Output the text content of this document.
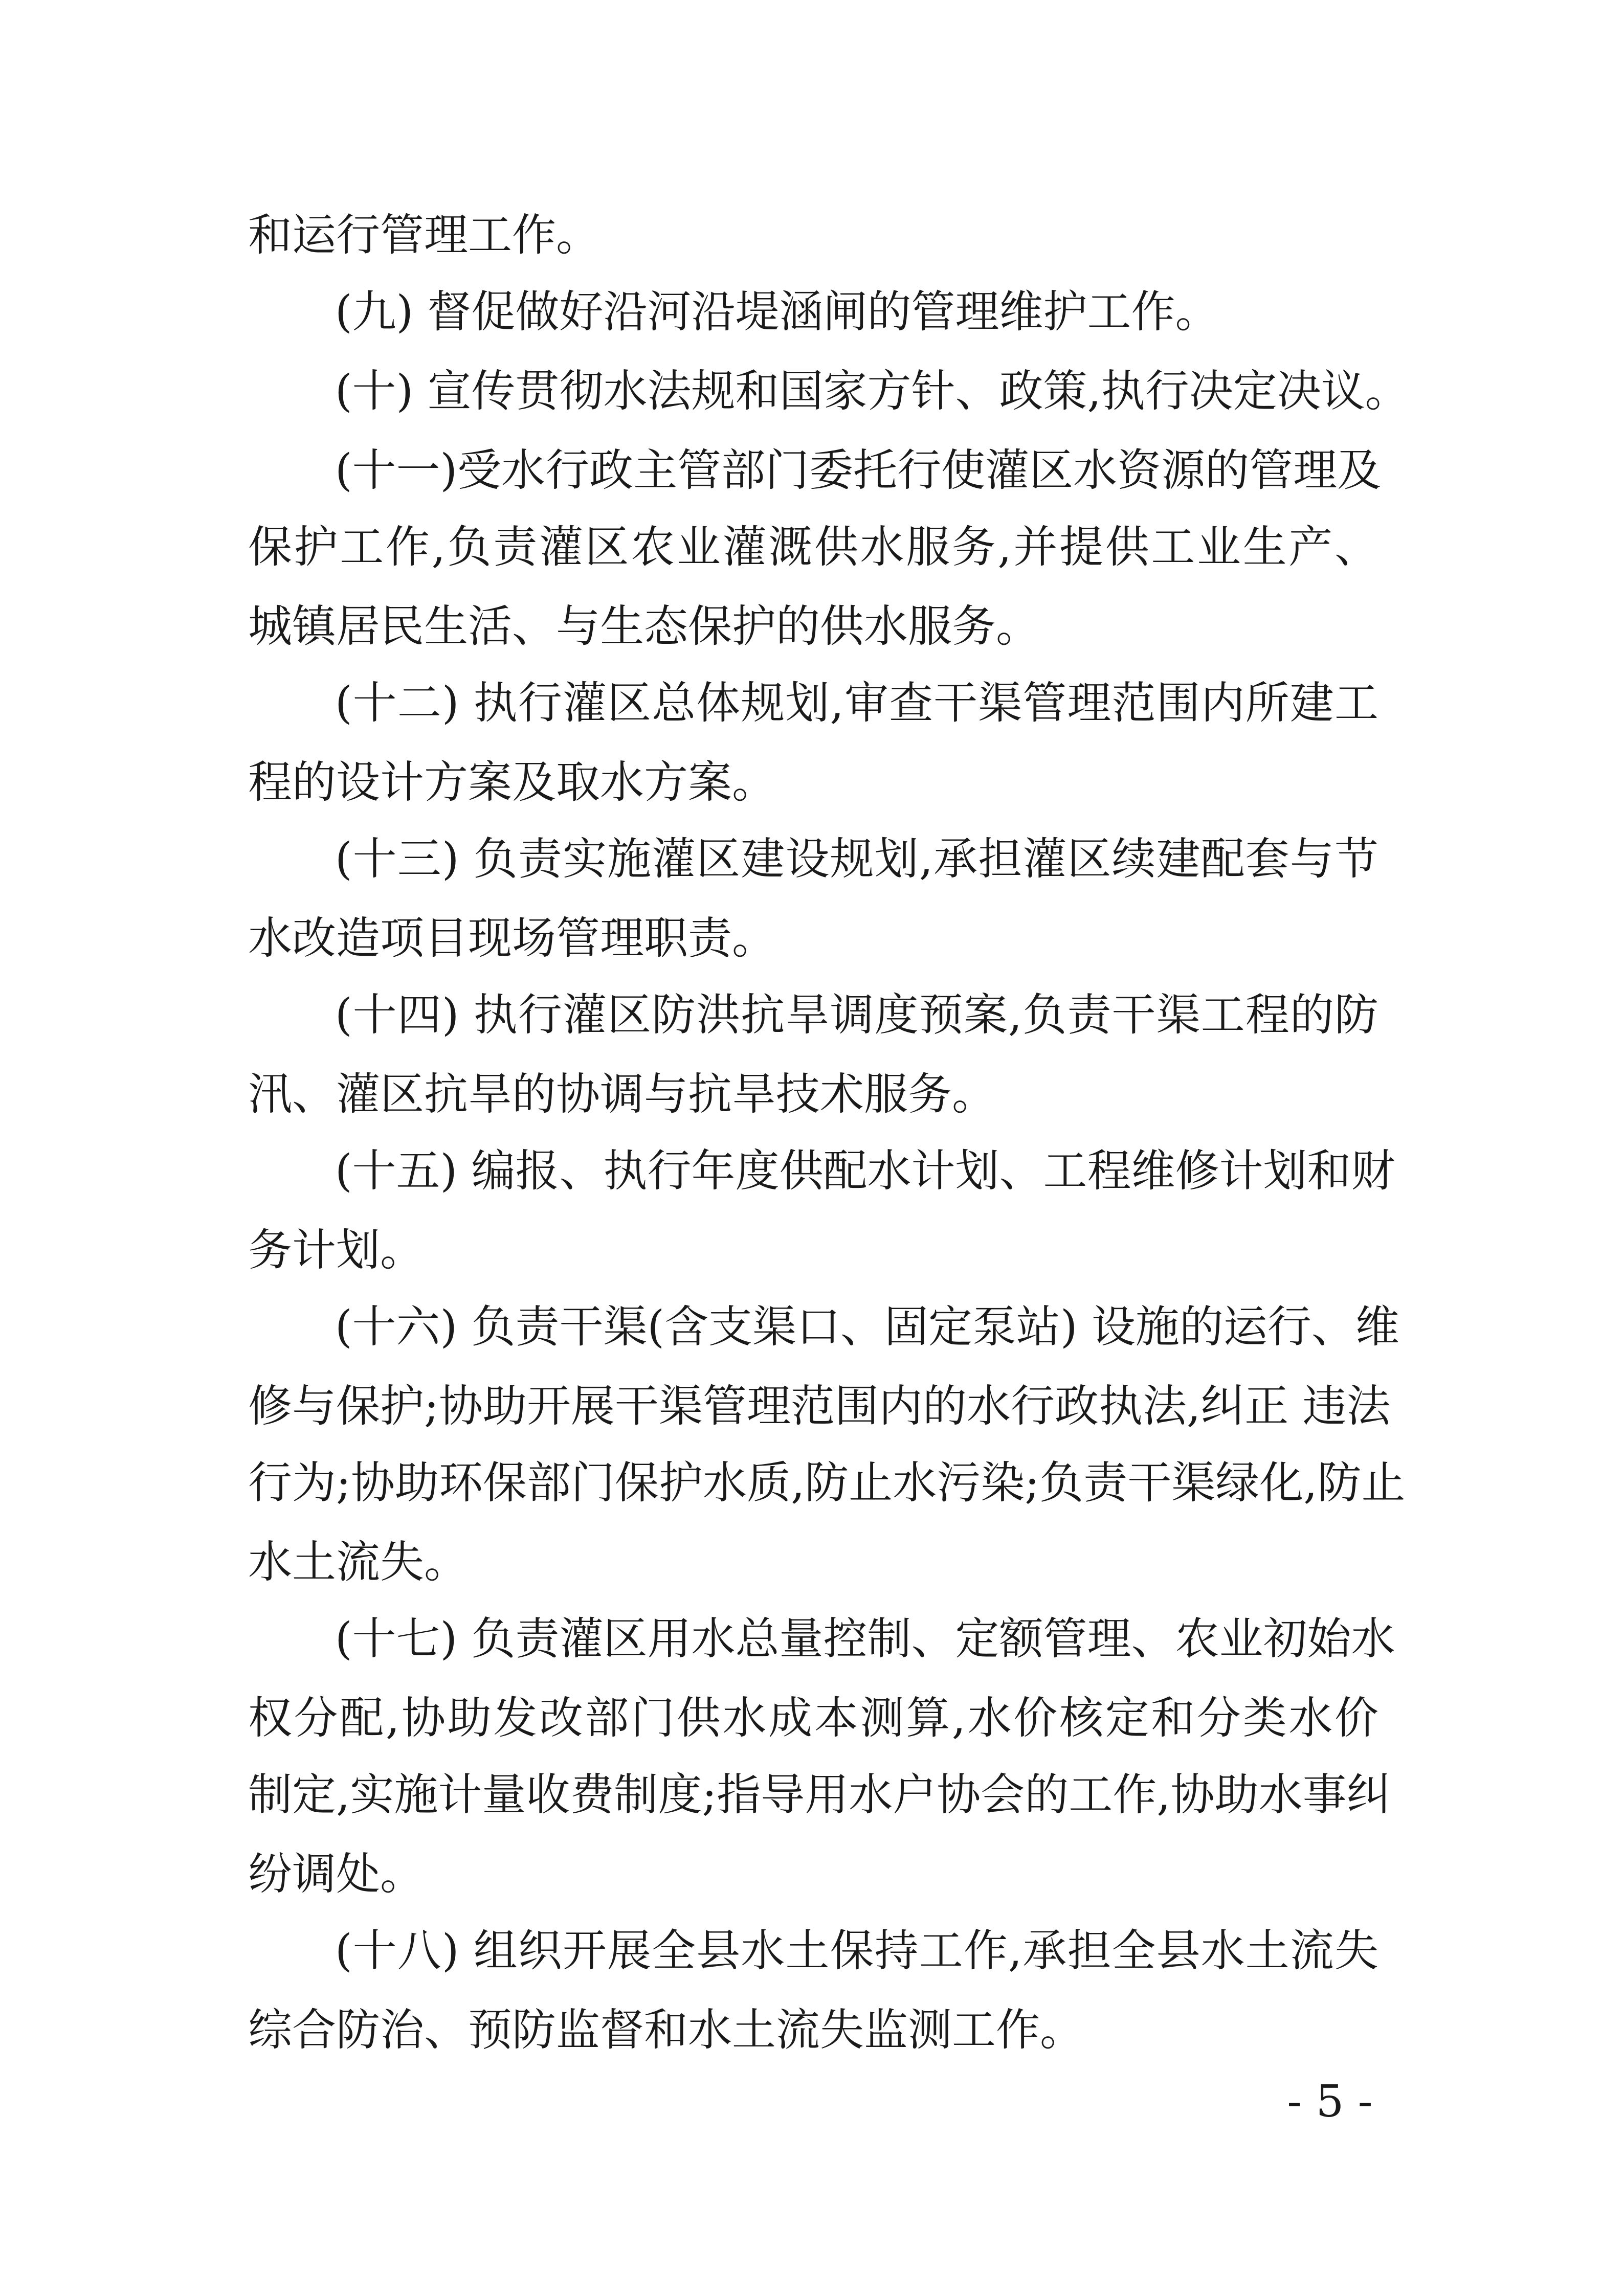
和运行管理工作。
(九) 督促做好沿河沿堤涵闸的管理维护工作。
(十) 宣传贯彻水法规和国家方针、政策,执行决定决议。
(十一)受水行政主管部门委托行使灌区水资源的管理及
保护工作,负责灌区农业灌溉供水服务,并提供工业生产、
城镇居民生活、与生态保护的供水服务。
(十二) 执行灌区总体规划,审查干渠管理范围内所建工
程的设计方案及取水方案。
(十三) 负责实施灌区建设规划,承担灌区续建配套与节
水改造项目现场管理职责。
(十四) 执行灌区防洪抗旱调度预案,负责干渠工程的防
汛、灌区抗旱的协调与抗旱技术服务。
(十五) 编报、执行年度供配水计划、工程维修计划和财
务计划。
(十六) 负责干渠(含支渠口、固定泵站) 设施的运行、维
修与保护;协助开展干渠管理范围内的水行政执法,纠正 违法
行为;协助环保部门保护水质,防止水污染;负责干渠绿化,防止
水土流失。
(十七) 负责灌区用水总量控制、定额管理、农业初始水
权分配,协助发改部门供水成本测算,水价核定和分类水价
制定,实施计量收费制度;指导用水户协会的工作,协助水事纠
纷调处。
(十八) 组织开展全县水土保持工作,承担全县水土流失
综合防治、预防监督和水土流失监测工作。
- 5 -
